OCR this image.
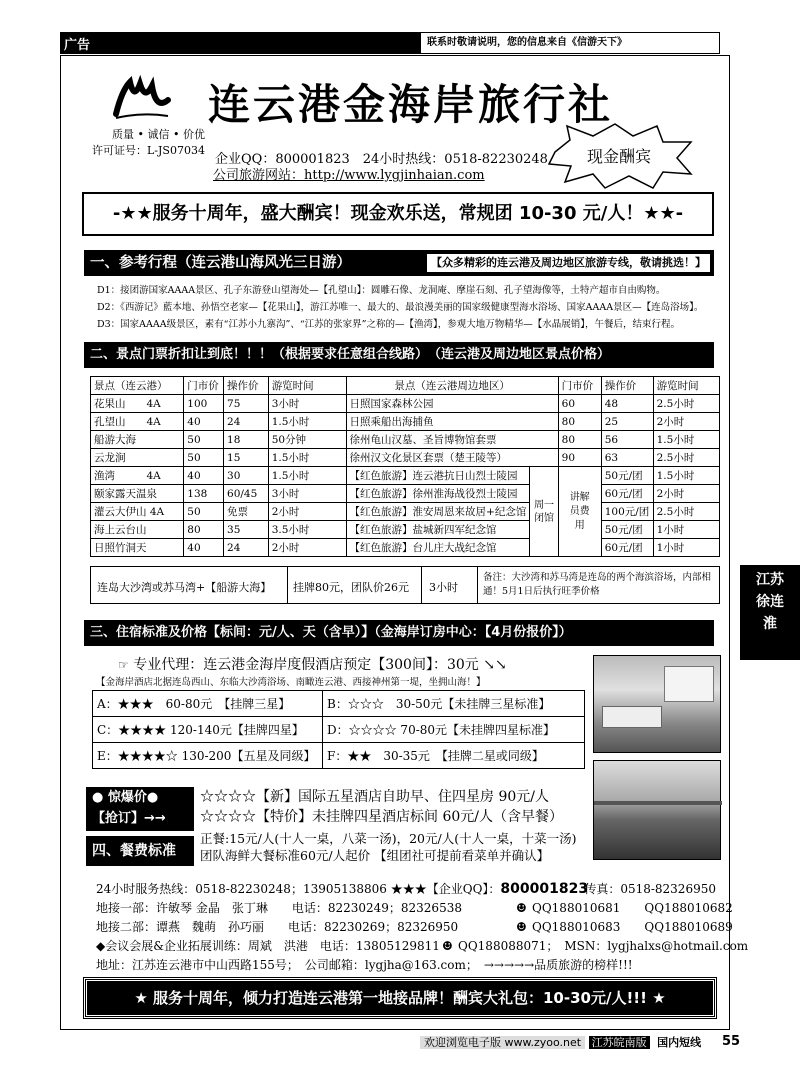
广告	联系时敬请说明，您的信息来自《信游天下》
江苏
徐连
淮
连云港金海岸旅行社
质量 • 诚信 • 价优
许可证号：L-JS07034
企业QQ：800001823　24小时热线：0518-82230248
公司旅游网站：http://www.lygjinhaian.com
现金酬宾
-★★服务十周年，盛大酬宾！现金欢乐送，常规团 10-30 元/人！★★-
一、参考行程（连云港山海风光三日游）	【众多精彩的连云港及周边地区旅游专线，敬请挑选！】
D1：接团游国家AAAA景区、孔子东游登山望海处—【孔望山】：圆雕石像、龙洞庵、摩崖石刻、孔子望海像等，土特产超市自由购物。
D2：《西游记》藍本地、孙悟空老家—【花果山】，游江苏唯一、最大的、最浪漫美丽的国家级健康型海水浴场、国家AAAA景区—【连岛浴场】。
D3：国家AAAA级景区，素有“江苏小九寨沟”、“江苏的张家界”之称的—【渔湾】，参观大地万物精华—【水晶展销】，午餐后，结束行程。
二、景点门票折扣让到底！！！（根据要求任意组合线路）　（连云港及周边地区景点价格）
景点（连云港）	门市价	操作价	游览时间	景点（连云港周边地区）		门市价	操作价	游览时间
花果山　　4A	100	75	3小时	日照国家森林公园		60	48	2.5小时
孔望山　　4A	40	24	1.5小时	日照乘船出海捕鱼		80	25	2小时
船游大海	50	18	50分钟	徐州龟山汉墓、圣旨博物馆套票		80	56	1.5小时
云龙涧	50	15	1.5小时	徐州汉文化景区套票（楚王陵等）		90	63	2.5小时
渔湾　　　4A	40	30	1.5小时	【红色旅游】连云港抗日山烈士陵园	周一闭馆	讲解员费用	50元/团	1.5小时
颐家露天温泉	138	60/45	3小时	【红色旅游】徐州淮海战役烈士陵园			60元/团	2小时
灌云大伊山 4A	50	免票	2小时	【红色旅游】淮安周恩来故居+纪念馆			100元/团	2.5小时
海上云台山	80	35	3.5小时	【红色旅游】盐城新四军纪念馆			50元/团	1小时
日照竹洞天	40	24	2小时	【红色旅游】台儿庄大战纪念馆			60元/团	1小时
连岛大沙湾或苏马湾+【船游大海】 挂牌80元，团队价26元 3小时
备注：大沙湾和苏马湾是连岛的两个海滨浴场，内部相通！5月1日后执行旺季价格
三、住宿标准及价格【标间：元/人、天（含早）】（金海岸订房中心：【4月份报价】）
☞ 专业代理：连云港金海岸度假酒店预定【300间】：30元 ↘↘
【金海岸酒店北据连岛西山、东临大沙湾浴场、南瞰连云港、西接神州第一堤，坐拥山海！】
A：★★★　60-80元　【挂牌三星】	B：☆☆☆　30-50元【未挂牌三星标准】
C：★★★★ 120-140元【挂牌四星】	D：☆☆☆☆ 70-80元【未挂牌四星标准】
E：★★★★☆ 130-200【五星及同级】	F：★★　30-35元　【挂牌二星或同级】
● 惊爆价●
【抢订】→→
☆☆☆☆【新】国际五星酒店自助早、住四星房 90元/人
☆☆☆☆【特价】未挂牌四星酒店标间 60元/人（含早餐）
四、餐费标准
正餐:15元/人(十人一桌，八菜一汤)，20元/人(十人一桌，十菜一汤)
团队海鲜大餐标准60元/人起价 【组团社可提前看菜单并确认】
24小时服务热线：0518-82230248；13905138806 ★★★【企业QQ】：800001823
传真：0518-82326950
地接一部：许敏琴 金晶　张丁琳　　电话：82230249；82326538	☻ QQ188010681　　QQ188010682
地接二部：谭燕　魏萌　孙巧丽　　电话：82230269；82326950	☻ QQ188010683　　QQ188010689
◆会议会展&企业拓展训练：周斌　洪港　电话：13805129811 ☻ QQ188088071；　MSN：lygjhalxs@hotmail.com
地址：江苏连云港市中山西路155号；　公司邮箱：lygjha@163.com；　→→→→→品质旅游的榜样!!!
★ 服务十周年，倾力打造连云港第一地接品牌！酬宾大礼包：10-30元/人!!! ★
欢迎浏览电子版 www.zyoo.net 江苏皖南版 国内短线	55
